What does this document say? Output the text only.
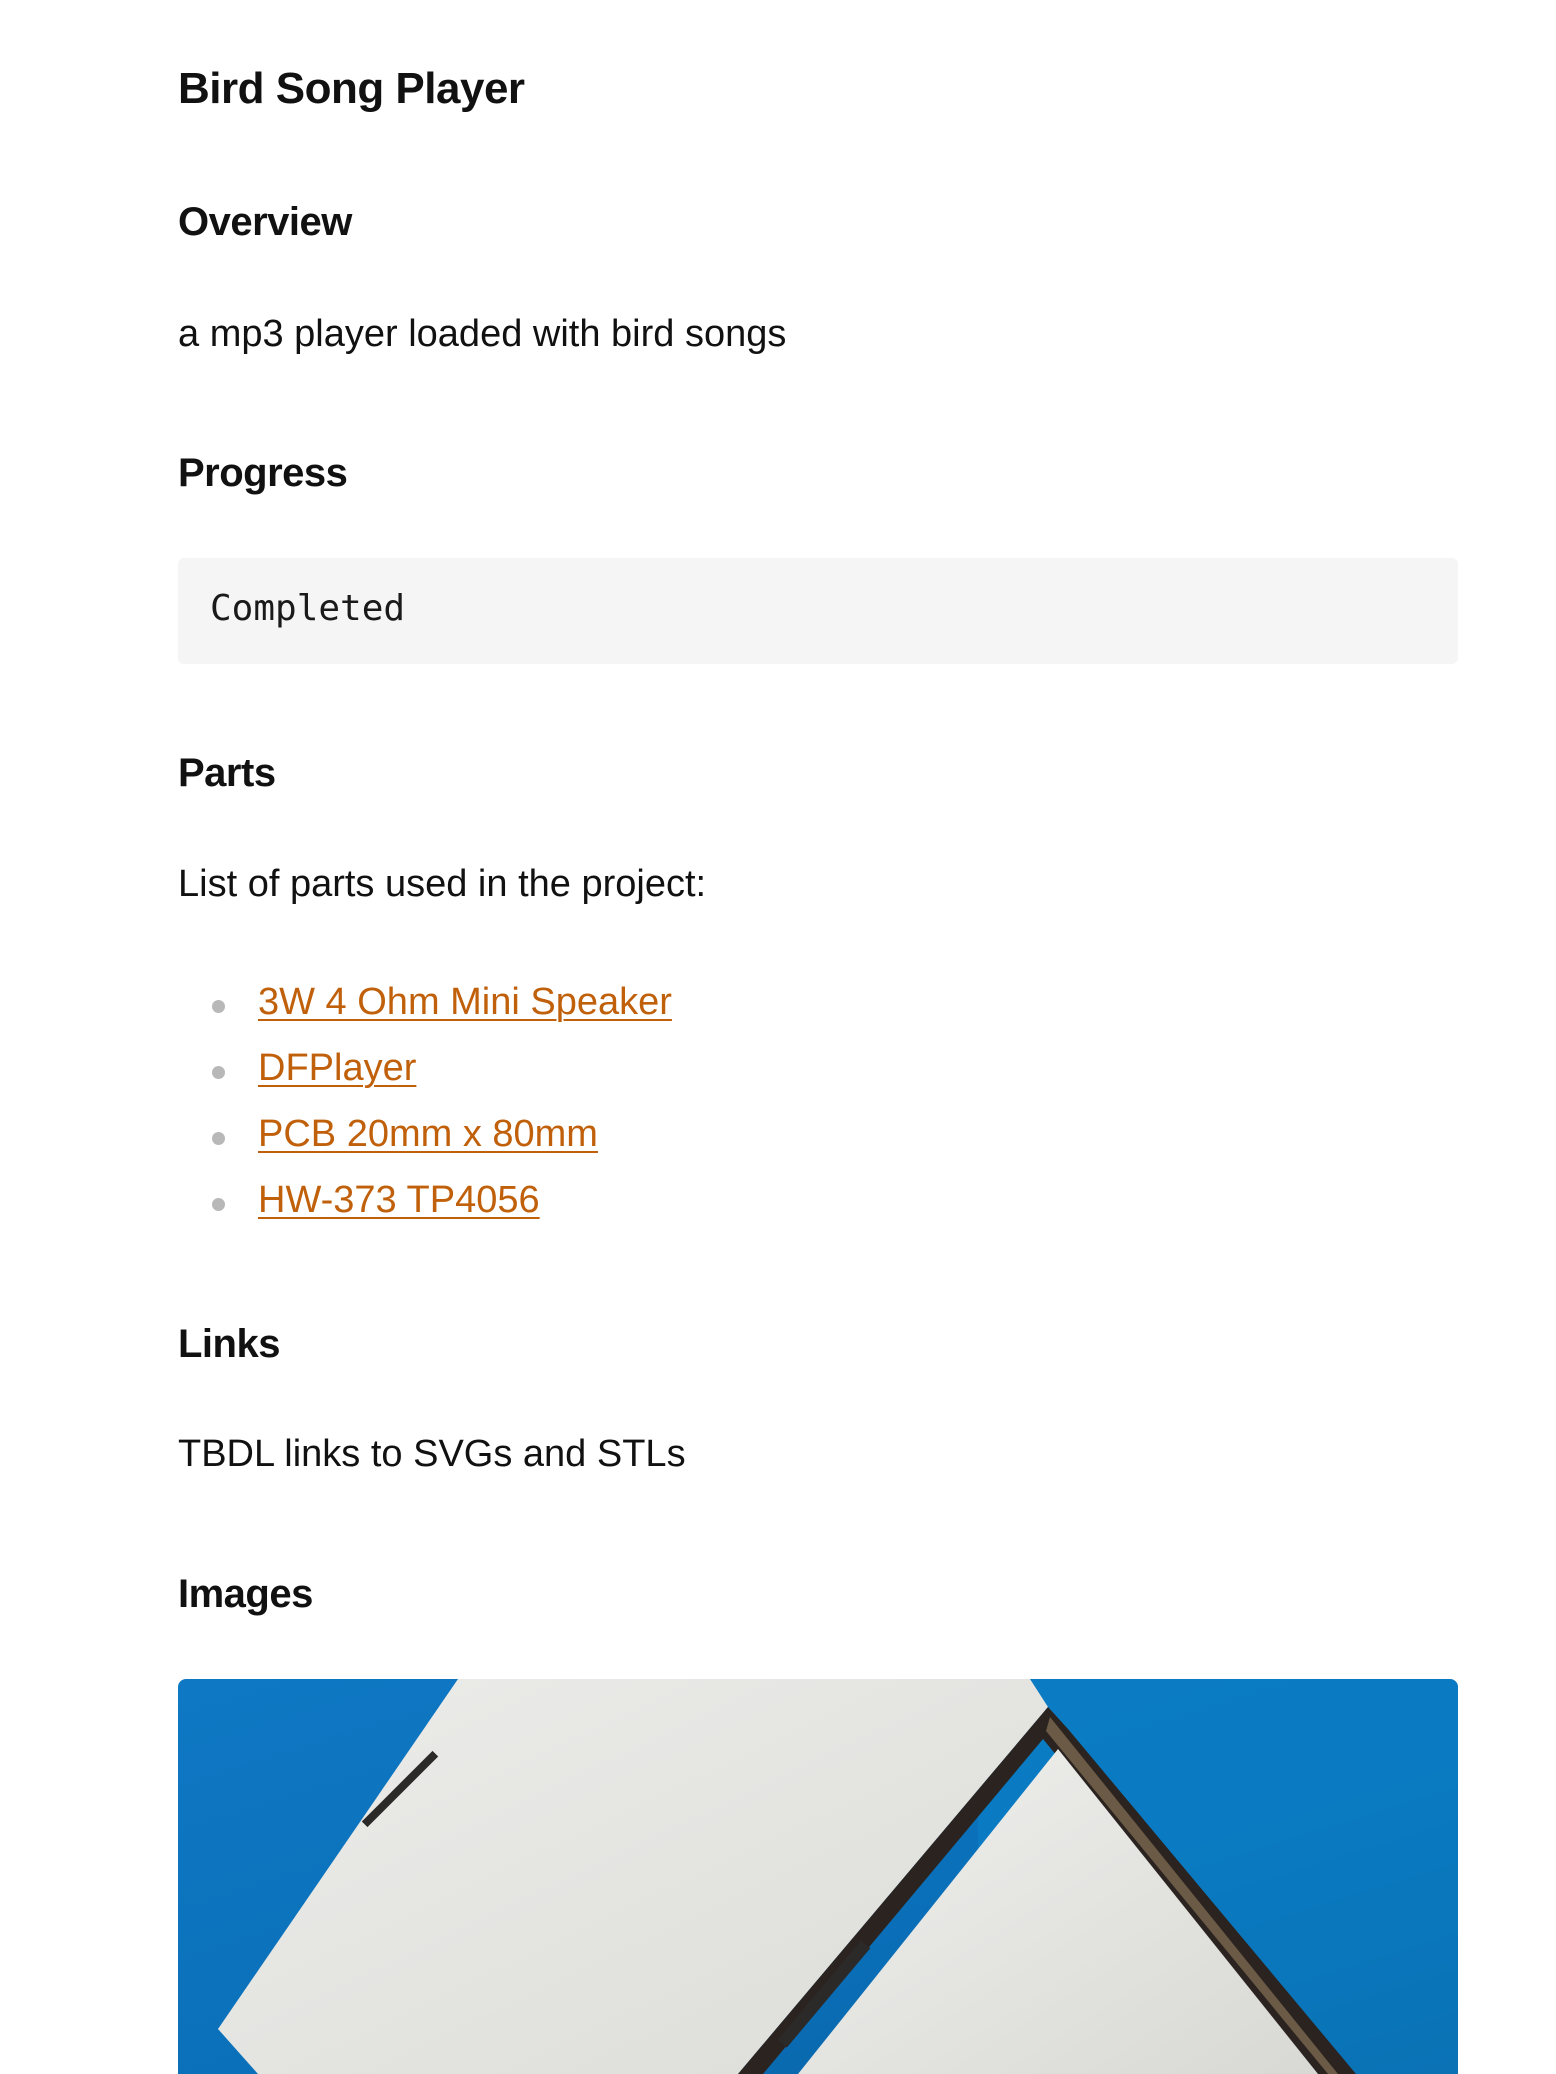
Bird Song Player
Overview

a mp3 player loaded with bird songs

Progress
Completed
Parts

List of parts used in the project:

3W 4 Ohm Mini Speaker
DFPlayer
PCB 20mm x 80mm
HW-373 TP4056
Links

TBDL links to SVGs and STLs

Images
